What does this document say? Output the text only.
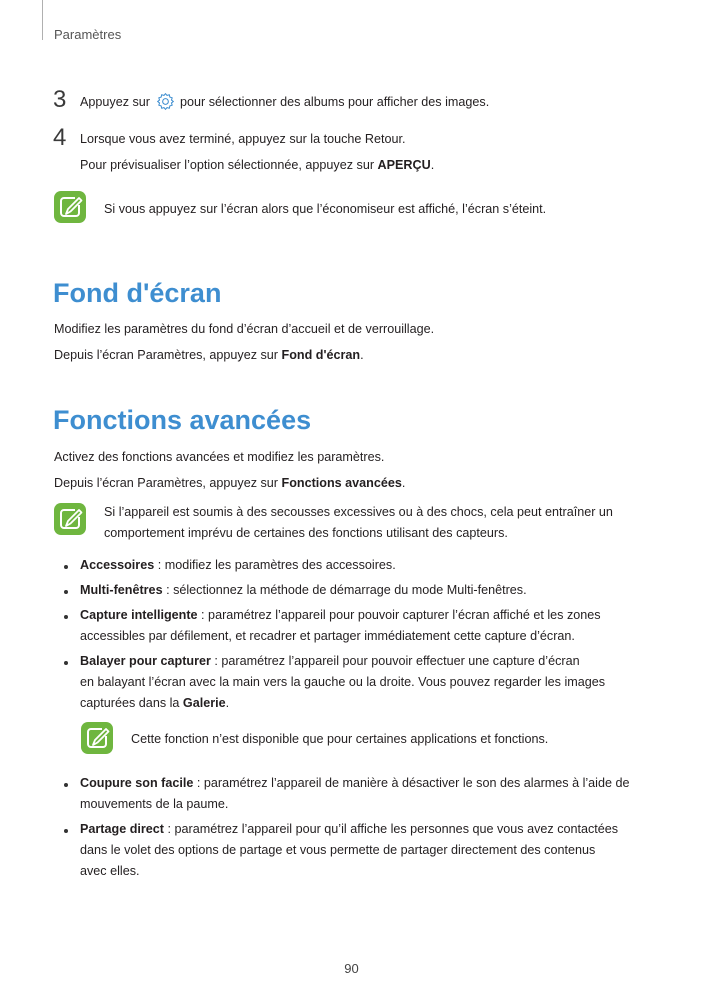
Paramètres
3 Appuyez sur pour sélectionner des albums pour afficher des images.
4 Lorsque vous avez terminé, appuyez sur la touche Retour.
Pour prévisualiser l’option sélectionnée, appuyez sur APERÇU.
Si vous appuyez sur l’écran alors que l’économiseur est affiché, l’écran s’éteint.
Fond d'écran
Modifiez les paramètres du fond d’écran d’accueil et de verrouillage.
Depuis l’écran Paramètres, appuyez sur Fond d'écran.
Fonctions avancées
Activez des fonctions avancées et modifiez les paramètres.
Depuis l’écran Paramètres, appuyez sur Fonctions avancées.
Si l’appareil est soumis à des secousses excessives ou à des chocs, cela peut entraîner un
comportement imprévu de certaines des fonctions utilisant des capteurs.
Accessoires : modifiez les paramètres des accessoires.
Multi-fenêtres : sélectionnez la méthode de démarrage du mode Multi-fenêtres.
Capture intelligente : paramétrez l’appareil pour pouvoir capturer l’écran affiché et les zones
accessibles par défilement, et recadrer et partager immédiatement cette capture d’écran.
Balayer pour capturer : paramétrez l’appareil pour pouvoir effectuer une capture d’écran
en balayant l’écran avec la main vers la gauche ou la droite. Vous pouvez regarder les images
capturées dans la Galerie.
Cette fonction n’est disponible que pour certaines applications et fonctions.
Coupure son facile : paramétrez l’appareil de manière à désactiver le son des alarmes à l’aide de
mouvements de la paume.
Partage direct : paramétrez l’appareil pour qu’il affiche les personnes que vous avez contactées
dans le volet des options de partage et vous permette de partager directement des contenus
avec elles.
90
